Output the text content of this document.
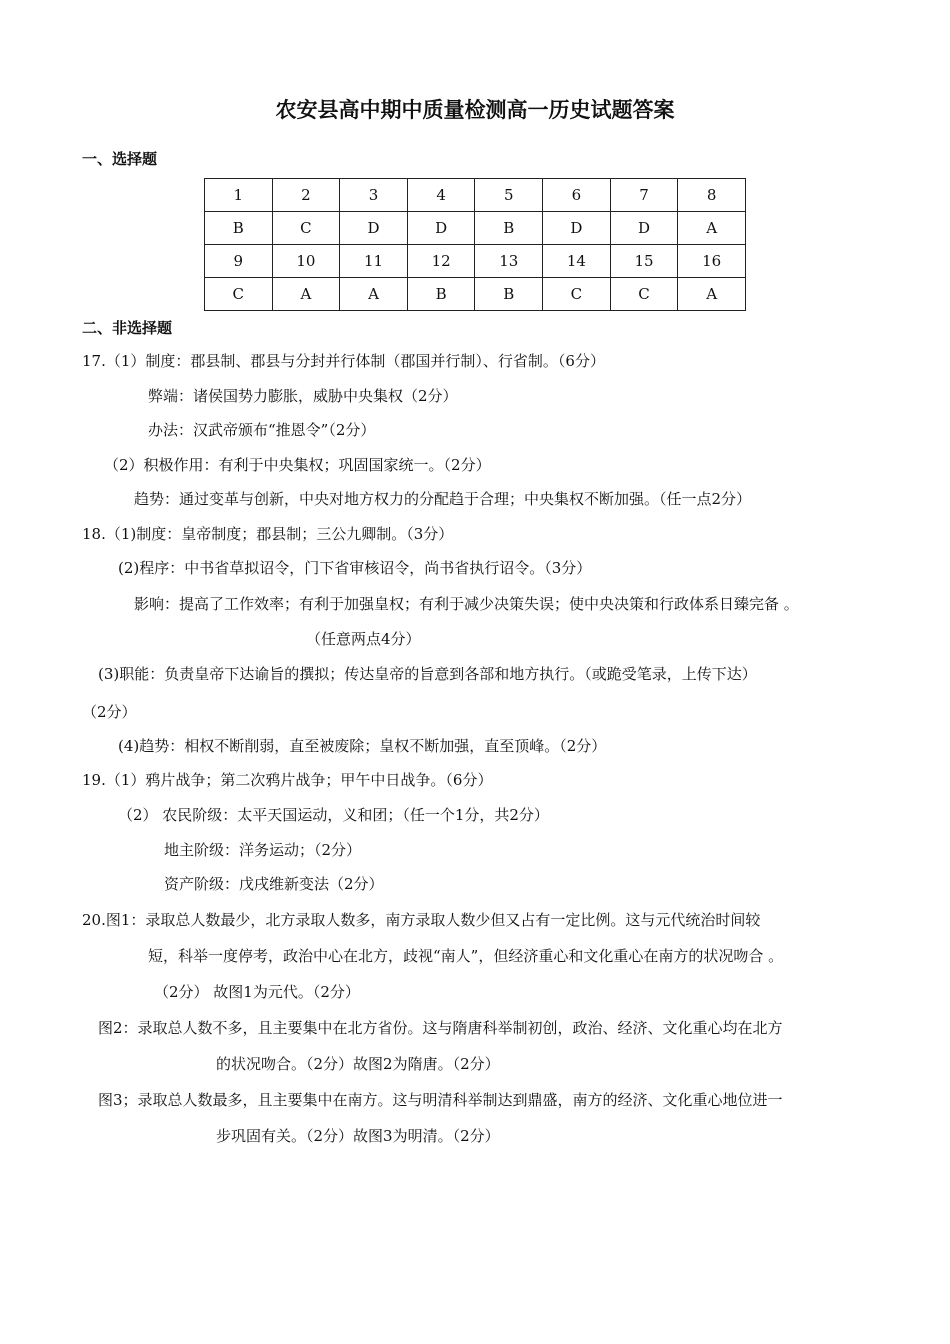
农安县高中期中质量检测高一历史试题答案
一、选择题
1	2	3	4	5	6	7	8
B	C	D	D	B	D	D	A
9	10	11	12	13	14	15	16
C	A	A	B	B	C	C	A
二、非选择题
17.（1）制度：郡县制、郡县与分封并行体制（郡国并行制）、行省制。（6分）
弊端：诸侯国势力膨胀，威胁中央集权（2分）
办法：汉武帝颁布“推恩令”（2分）
（2）积极作用：有利于中央集权；巩固国家统一。（2分）
趋势：通过变革与创新，中央对地方权力的分配趋于合理；中央集权不断加强。（任一点2分）
18.（1)制度：皇帝制度；郡县制；三公九卿制。（3分）
(2)程序：中书省草拟诏令，门下省审核诏令，尚书省执行诏令。（3分）
影响：提高了工作效率；有利于加强皇权；有利于减少决策失误；使中央决策和行政体系日臻完备 。
（任意两点4分）
(3)职能：负责皇帝下达谕旨的撰拟；传达皇帝的旨意到各部和地方执行。（或跪受笔录，上传下达）
（2分）
(4)趋势：相权不断削弱，直至被废除；皇权不断加强，直至顶峰。（2分）
19.（1）鸦片战争；第二次鸦片战争；甲午中日战争。（6分）
（2） 农民阶级：太平天国运动，义和团；（任一个1分，共2分）
地主阶级：洋务运动；（2分）
资产阶级：戊戌维新变法（2分）
20.图1：录取总人数最少，北方录取人数多，南方录取人数少但又占有一定比例。这与元代统治时间较
短，科举一度停考，政治中心在北方，歧视“南人”，但经济重心和文化重心在南方的状况吻合 。
（2分） 故图1为元代。（2分）
图2：录取总人数不多，且主要集中在北方省份。这与隋唐科举制初创，政治、经济、文化重心均在北方
的状况吻合。（2分）故图2为隋唐。（2分）
图3；录取总人数最多，且主要集中在南方。这与明清科举制达到鼎盛，南方的经济、文化重心地位进一
步巩固有关。（2分）故图3为明清。（2分）
